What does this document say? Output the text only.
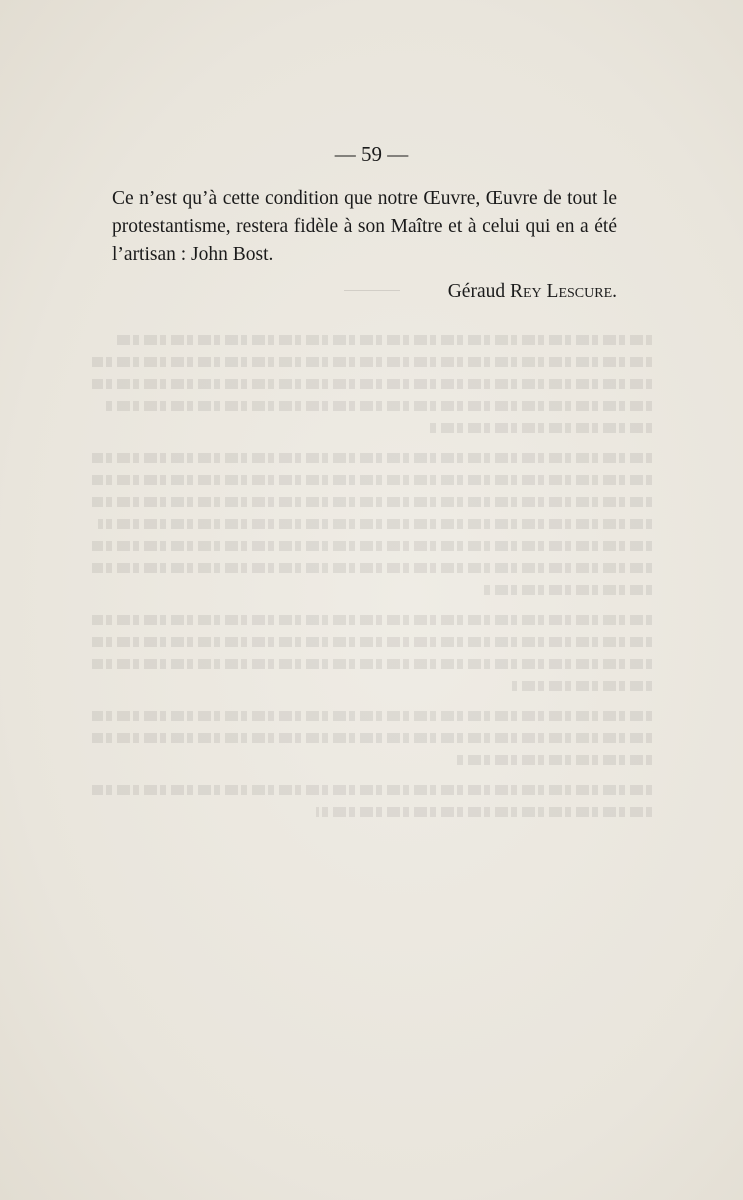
— 59 —

Ce n’est qu’à cette condition que notre Œuvre, Œuvre de tout le protestantisme, restera fidèle à son Maître et à celui qui en a été l’artisan : John Bost.

Géraud Rey Lescure.
